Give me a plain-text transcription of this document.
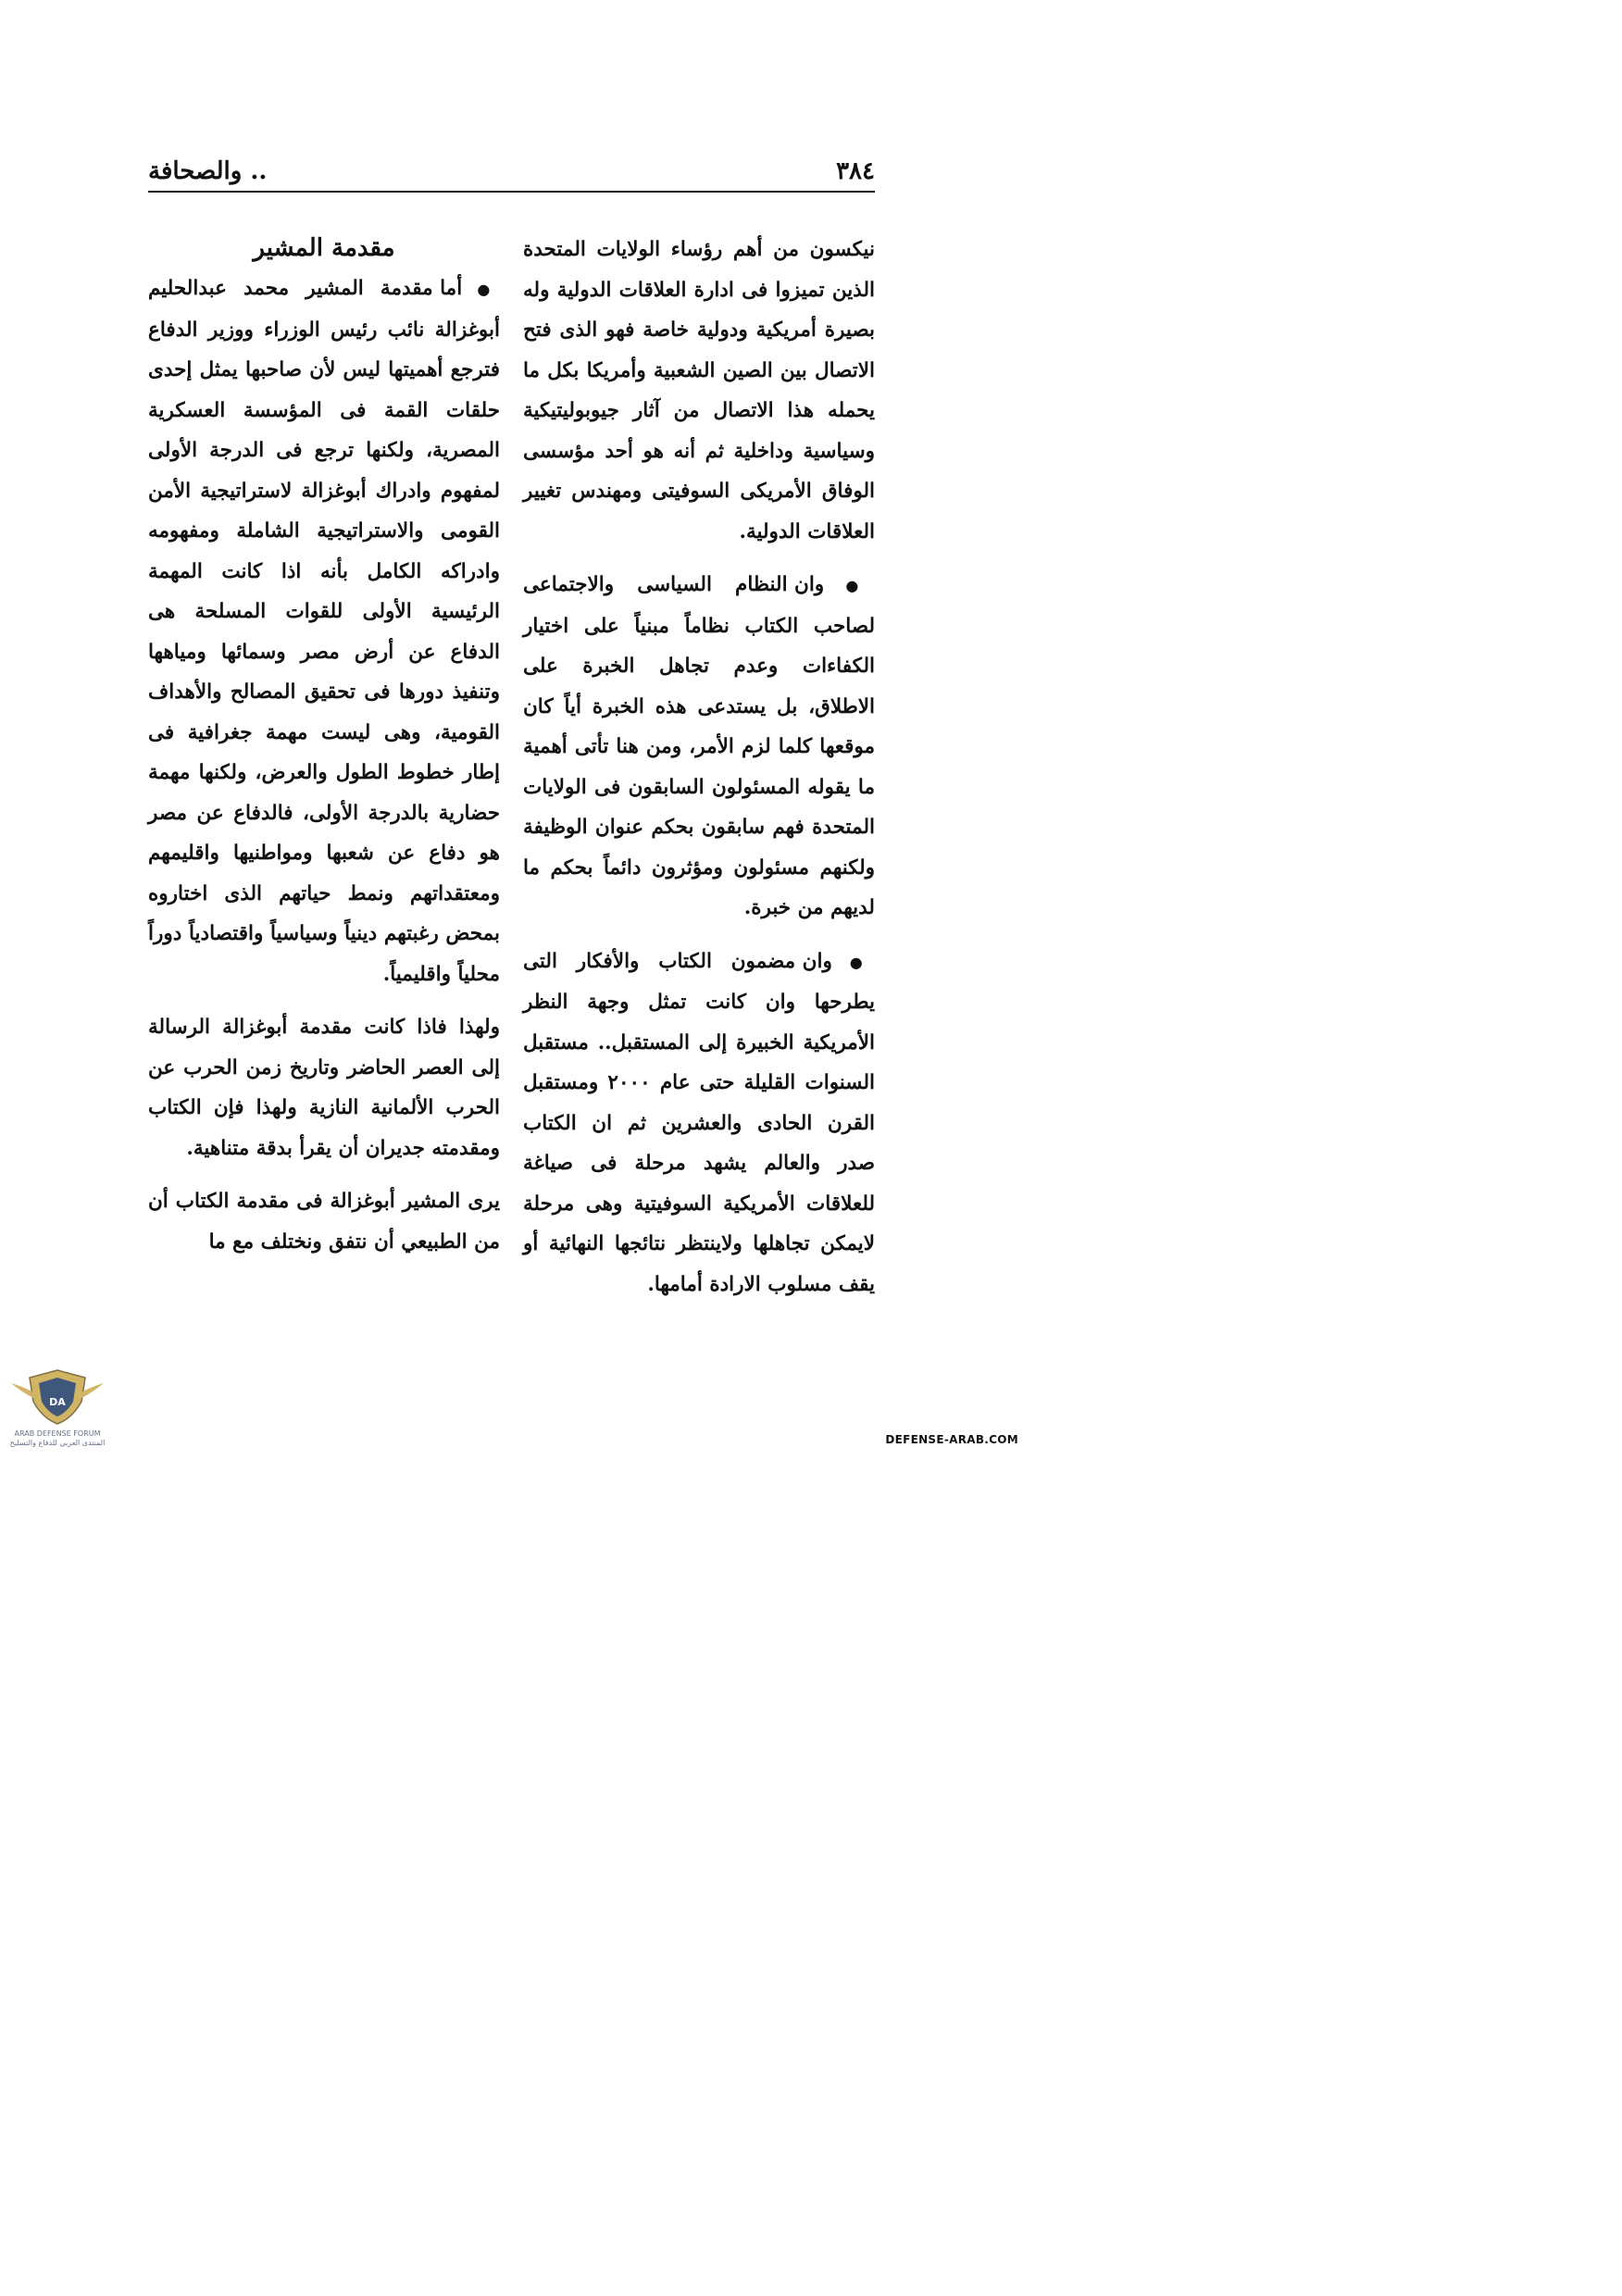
٣٨٤
.. والصحافة

نيكسون من أهم رؤساء الولايات المتحدة الذين تميزوا فى ادارة العلاقات الدولية وله بصيرة أمريكية ودولية خاصة فهو الذى فتح الاتصال بين الصين الشعبية وأمريكا بكل ما يحمله هذا الاتصال من آثار جيوبوليتيكية وسياسية وداخلية ثم أنه هو أحد مؤسسى الوفاق الأمريكى السوفيتى ومهندس تغيير العلاقات الدولية.

● وان النظام السياسى والاجتماعى لصاحب الكتاب نظاماً مبنياً على اختيار الكفاءات وعدم تجاهل الخبرة على الاطلاق، بل يستدعى هذه الخبرة أياً كان موقعها كلما لزم الأمر، ومن هنا تأتى أهمية ما يقوله المسئولون السابقون فى الولايات المتحدة فهم سابقون بحكم عنوان الوظيفة ولكنهم مسئولون ومؤثرون دائماً بحكم ما لديهم من خبرة.

● وان مضمون الكتاب والأفكار التى يطرحها وان كانت تمثل وجهة النظر الأمريكية الخبيرة إلى المستقبل.. مستقبل السنوات القليلة حتى عام ٢٠٠٠ ومستقبل القرن الحادى والعشرين ثم ان الكتاب صدر والعالم يشهد مرحلة فى صياغة للعلاقات الأمريكية السوفيتية وهى مرحلة لايمكن تجاهلها ولاينتظر نتائجها النهائية أو يقف مسلوب الارادة أمامها.

مقدمة المشير

● أما مقدمة المشير محمد عبدالحليم أبوغزالة نائب رئيس الوزراء ووزير الدفاع فترجع أهميتها ليس لأن صاحبها يمثل إحدى حلقات القمة فى المؤسسة العسكرية المصرية، ولكنها ترجع فى الدرجة الأولى لمفهوم وادراك أبوغزالة لاستراتيجية الأمن القومى والاستراتيجية الشاملة ومفهومه وادراكه الكامل بأنه اذا كانت المهمة الرئيسية الأولى للقوات المسلحة هى الدفاع عن أرض مصر وسمائها ومياهها وتنفيذ دورها فى تحقيق المصالح والأهداف القومية، وهى ليست مهمة جغرافية فى إطار خطوط الطول والعرض، ولكنها مهمة حضارية بالدرجة الأولى، فالدفاع عن مصر هو دفاع عن شعبها ومواطنيها واقليمهم ومعتقداتهم ونمط حياتهم الذى اختاروه بمحض رغبتهم دينياً وسياسياً واقتصادياً دوراً محلياً واقليمياً.

ولهذا فاذا كانت مقدمة أبوغزالة الرسالة إلى العصر الحاضر وتاريخ زمن الحرب عن الحرب الألمانية النازية ولهذا فإن الكتاب ومقدمته جديران أن يقرأ بدقة متناهية.

يرى المشير أبوغزالة فى مقدمة الكتاب أن من الطبيعي أن نتفق ونختلف مع ما

DA
ARAB DEFENSE FORUM
المنتدى العربي للدفاع والتسليح	DEFENSE-ARAB.COM
